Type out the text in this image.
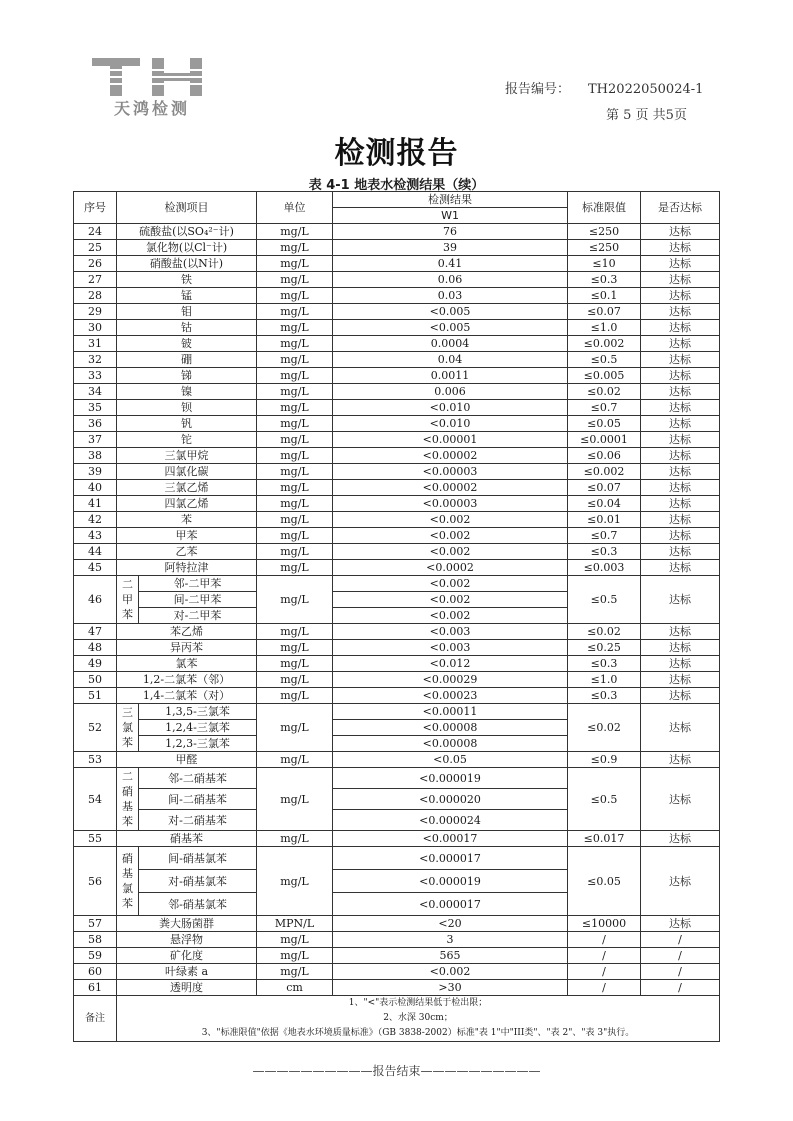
天鸿检测
报告编号： TH2022050024-1
第 5 页 共5页
检测报告
表 4-1 地表水检测结果（续）
序号	检测项目		单位	检测结果	标准限值	是否达标
				W1		
24	硫酸盐(以SO₄²⁻计)		mg/L	76	≤250	达标
25	氯化物(以Cl⁻计)		mg/L	39	≤250	达标
26	硝酸盐(以N计)		mg/L	0.41	≤10	达标
27	铁		mg/L	0.06	≤0.3	达标
28	锰		mg/L	0.03	≤0.1	达标
29	钼		mg/L	<0.005	≤0.07	达标
30	钴		mg/L	<0.005	≤1.0	达标
31	铍		mg/L	0.0004	≤0.002	达标
32	硼		mg/L	0.04	≤0.5	达标
33	锑		mg/L	0.0011	≤0.005	达标
34	镍		mg/L	0.006	≤0.02	达标
35	钡		mg/L	<0.010	≤0.7	达标
36	钒		mg/L	<0.010	≤0.05	达标
37	铊		mg/L	<0.00001	≤0.0001	达标
38	三氯甲烷		mg/L	<0.00002	≤0.06	达标
39	四氯化碳		mg/L	<0.00003	≤0.002	达标
40	三氯乙烯		mg/L	<0.00002	≤0.07	达标
41	四氯乙烯		mg/L	<0.00003	≤0.04	达标
42	苯		mg/L	<0.002	≤0.01	达标
43	甲苯		mg/L	<0.002	≤0.7	达标
44	乙苯		mg/L	<0.002	≤0.3	达标
45	阿特拉津		mg/L	<0.0002	≤0.003	达标
46	二甲苯	邻-二甲苯	mg/L	<0.002	≤0.5	达标
		间-二甲苯		<0.002		
		对-二甲苯		<0.002		
47	苯乙烯		mg/L	<0.003	≤0.02	达标
48	异丙苯		mg/L	<0.003	≤0.25	达标
49	氯苯		mg/L	<0.012	≤0.3	达标
50	1,2-二氯苯（邻）		mg/L	<0.00029	≤1.0	达标
51	1,4-二氯苯（对）		mg/L	<0.00023	≤0.3	达标
52	三氯苯	1,3,5-三氯苯	mg/L	<0.00011	≤0.02	达标
		1,2,4-三氯苯		<0.00008		
		1,2,3-三氯苯		<0.00008		
53	甲醛		mg/L	<0.05	≤0.9	达标
54	二硝基苯	邻-二硝基苯	mg/L	<0.000019	≤0.5	达标
		间-二硝基苯		<0.000020		
		对-二硝基苯		<0.000024		
55	硝基苯		mg/L	<0.00017	≤0.017	达标
56	硝基氯苯	间-硝基氯苯	mg/L	<0.000017	≤0.05	达标
		对-硝基氯苯		<0.000019		
		邻-硝基氯苯		<0.000017		
57	粪大肠菌群		MPN/L	<20	≤10000	达标
58	悬浮物		mg/L	3	/	/
59	矿化度		mg/L	565	/	/
60	叶绿素 a		mg/L	<0.002	/	/
61	透明度		cm	>30	/	/
备注	1、"<"表示检测结果低于检出限；
2、水深 30cm；
3、"标准限值"依据《地表水环境质量标准》（GB 3838-2002）标准"表 1"中"III类"、"表 2"、"表 3"执行。					
——————————报告结束——————————
